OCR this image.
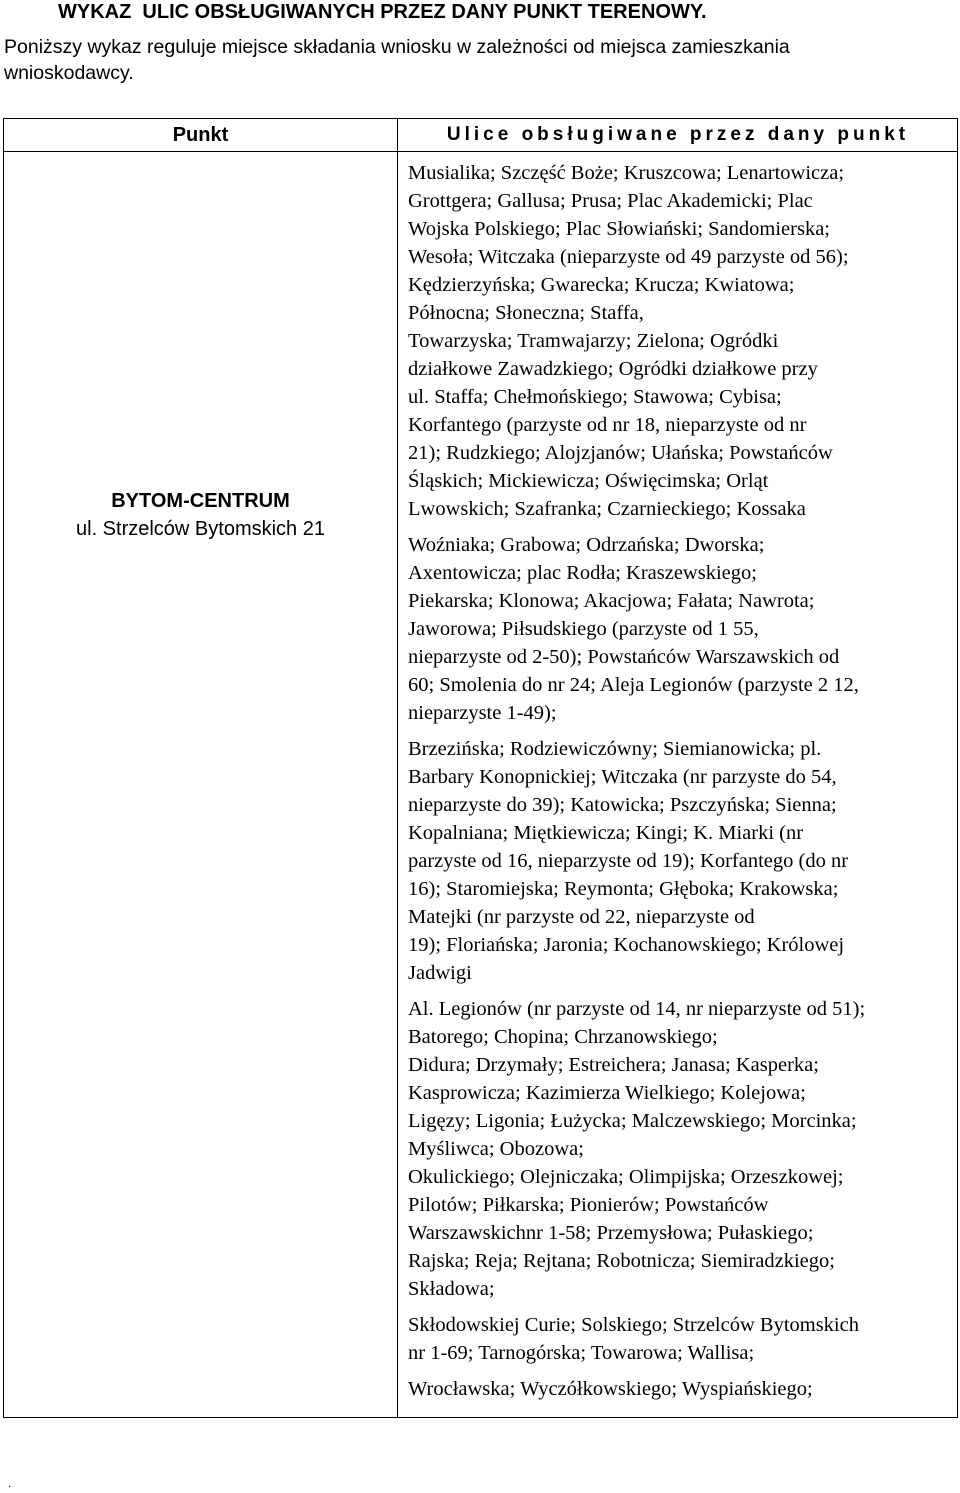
WYKAZ  ULIC OBSŁUGIWANYCH PRZEZ DANY PUNKT TERENOWY.
Poniższy wykaz reguluje miejsce składania wniosku w zależności od miejsca zamieszkania
wnioskodawcy.
Punkt	Ulice obsługiwane przez dany punkt
BYTOM-CENTRUM
ul. Strzelców Bytomskich 21
Musialika; Szczęść Boże; Kruszcowa; Lenartowicza;
Grottgera; Gallusa; Prusa; Plac Akademicki; Plac
Wojska Polskiego; Plac Słowiański; Sandomierska;
Wesoła; Witczaka (nieparzyste od 49 parzyste od 56);
Kędzierzyńska; Gwarecka; Krucza; Kwiatowa;
Północna; Słoneczna; Staffa,
Towarzyska; Tramwajarzy; Zielona; Ogródki
działkowe Zawadzkiego; Ogródki działkowe przy
ul. Staffa; Chełmońskiego; Stawowa; Cybisa;
Korfantego (parzyste od nr 18, nieparzyste od nr
21); Rudzkiego; Alojzjanów; Ułańska; Powstańców
Śląskich; Mickiewicza; Oświęcimska; Orląt
Lwowskich; Szafranka; Czarnieckiego; Kossaka
Woźniaka; Grabowa; Odrzańska; Dworska;
Axentowicza; plac Rodła; Kraszewskiego;
Piekarska; Klonowa; Akacjowa; Fałata; Nawrota;
Jaworowa; Piłsudskiego (parzyste od 1 55,
nieparzyste od 2-50); Powstańców Warszawskich od
60; Smolenia do nr 24; Aleja Legionów (parzyste 2 12,
nieparzyste 1-49);
Brzezińska; Rodziewiczówny; Siemianowicka; pl.
Barbary Konopnickiej; Witczaka (nr parzyste do 54,
nieparzyste do 39); Katowicka; Pszczyńska; Sienna;
Kopalniana; Miętkiewicza; Kingi; K. Miarki (nr
parzyste od 16, nieparzyste od 19); Korfantego (do nr
16); Staromiejska; Reymonta; Głęboka; Krakowska;
Matejki (nr parzyste od 22, nieparzyste od
19); Floriańska; Jaronia; Kochanowskiego; Królowej
Jadwigi
Al. Legionów (nr parzyste od 14, nr nieparzyste od 51);
Batorego; Chopina; Chrzanowskiego;
Didura; Drzymały; Estreichera; Janasa; Kasperka;
Kasprowicza; Kazimierza Wielkiego; Kolejowa;
Ligęzy; Ligonia; Łużycka; Malczewskiego; Morcinka;
Myśliwca; Obozowa;
Okulickiego; Olejniczaka; Olimpijska; Orzeszkowej;
Pilotów; Piłkarska; Pionierów; Powstańców
Warszawskichnr 1-58; Przemysłowa; Pułaskiego;
Rajska; Reja; Rejtana; Robotnicza; Siemiradzkiego;
Składowa;
Skłodowskiej Curie; Solskiego; Strzelców Bytomskich
nr 1-69; Tarnogórska; Towarowa; Wallisa;
Wrocławska; Wyczółkowskiego; Wyspiańskiego;
.
